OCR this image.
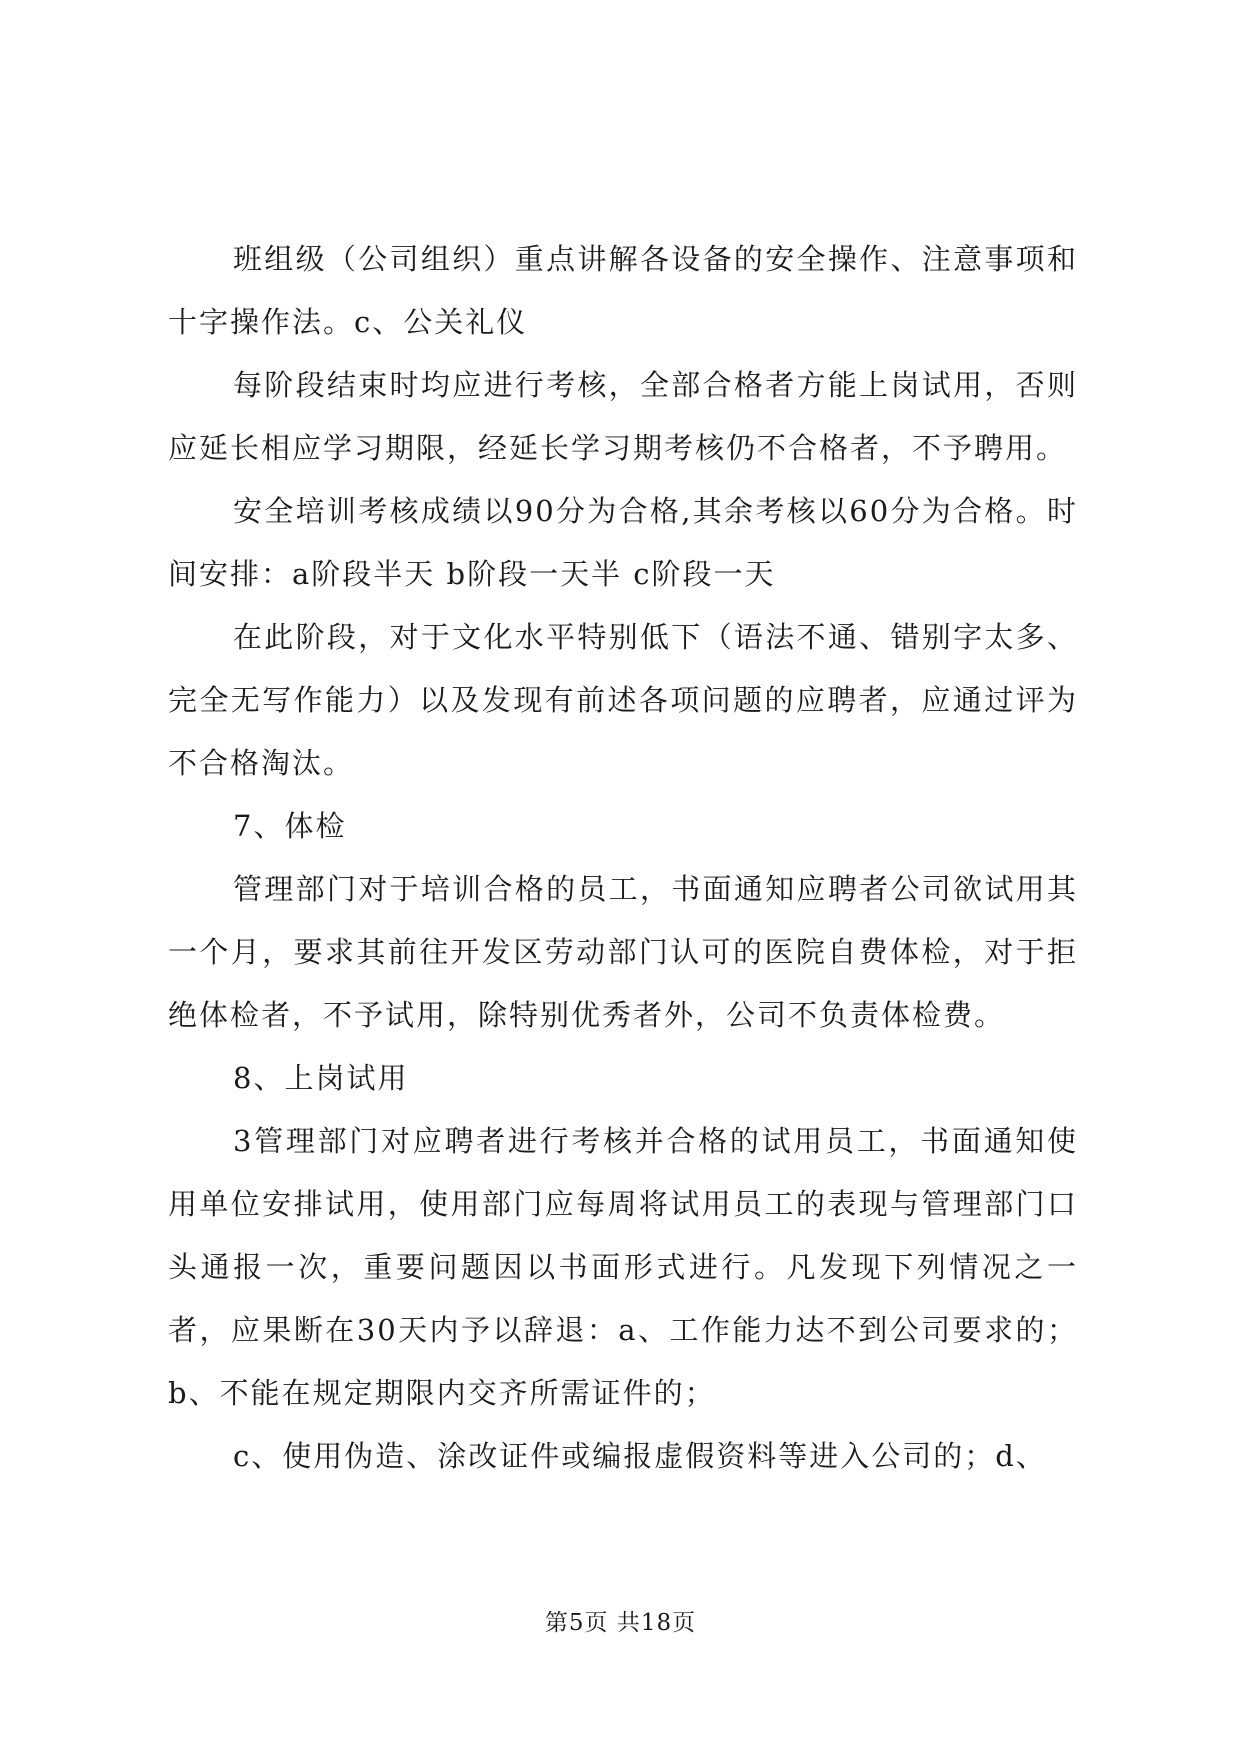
班组级（公司组织）重点讲解各设备的安全操作、注意事项和十字操作法。c、公关礼仪

每阶段结束时均应进行考核，全部合格者方能上岗试用，否则应延长相应学习期限，经延长学习期考核仍不合格者，不予聘用。

安全培训考核成绩以90分为合格,其余考核以60分为合格。时间安排：a阶段半天 b阶段一天半 c阶段一天

在此阶段，对于文化水平特别低下（语法不通、错别字太多、完全无写作能力）以及发现有前述各项问题的应聘者，应通过评为不合格淘汰。

7、体检

管理部门对于培训合格的员工，书面通知应聘者公司欲试用其一个月，要求其前往开发区劳动部门认可的医院自费体检，对于拒绝体检者，不予试用，除特别优秀者外，公司不负责体检费。

8、上岗试用

3管理部门对应聘者进行考核并合格的试用员工，书面通知使用单位安排试用，使用部门应每周将试用员工的表现与管理部门口头通报一次，重要问题因以书面形式进行。凡发现下列情况之一者，应果断在30天内予以辞退：a、工作能力达不到公司要求的；b、不能在规定期限内交齐所需证件的；

c、使用伪造、涂改证件或编报虚假资料等进入公司的；d、

第5页 共18页
